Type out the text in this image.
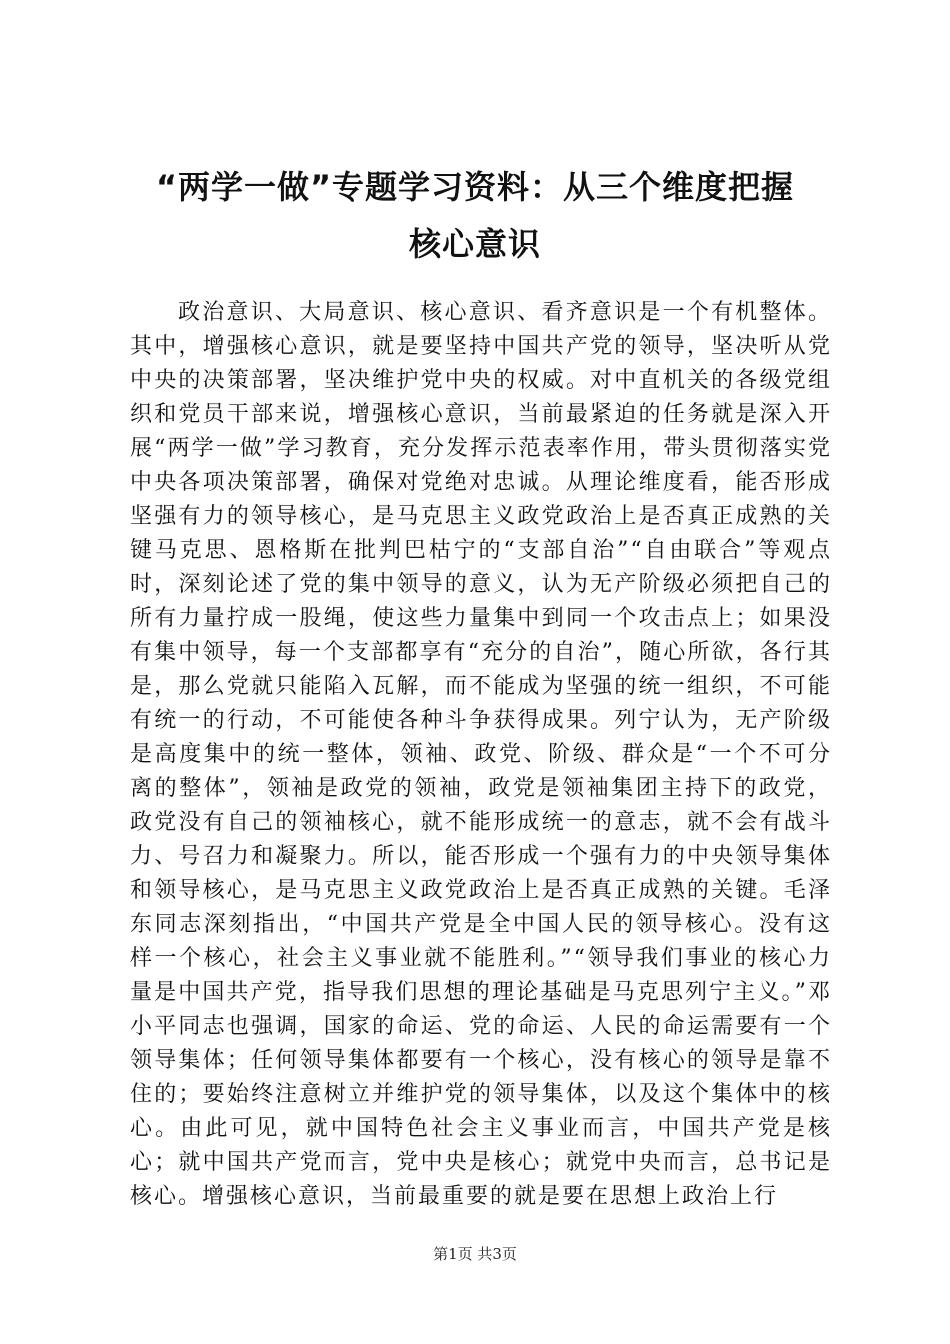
“两学一做”专题学习资料：从三个维度把握
核心意识

政治意识、大局意识、核心意识、看齐意识是一个有机整体。其中，增强核心意识，就是要坚持中国共产党的领导，坚决听从党中央的决策部署，坚决维护党中央的权威。对中直机关的各级党组织和党员干部来说，增强核心意识，当前最紧迫的任务就是深入开展“两学一做”学习教育，充分发挥示范表率作用，带头贯彻落实党中央各项决策部署，确保对党绝对忠诚。从理论维度看，能否形成坚强有力的领导核心，是马克思主义政党政治上是否真正成熟的关键马克思、恩格斯在批判巴枯宁的“支部自治”“自由联合”等观点时，深刻论述了党的集中领导的意义，认为无产阶级必须把自己的所有力量拧成一股绳，使这些力量集中到同一个攻击点上；如果没有集中领导，每一个支部都享有“充分的自治”，随心所欲，各行其是，那么党就只能陷入瓦解，而不能成为坚强的统一组织，不可能有统一的行动，不可能使各种斗争获得成果。列宁认为，无产阶级是高度集中的统一整体，领袖、政党、阶级、群众是“一个不可分离的整体”，领袖是政党的领袖，政党是领袖集团主持下的政党，政党没有自己的领袖核心，就不能形成统一的意志，就不会有战斗力、号召力和凝聚力。所以，能否形成一个强有力的中央领导集体和领导核心，是马克思主义政党政治上是否真正成熟的关键。毛泽东同志深刻指出，“中国共产党是全中国人民的领导核心。没有这样一个核心，社会主义事业就不能胜利。”“领导我们事业的核心力量是中国共产党，指导我们思想的理论基础是马克思列宁主义。”邓小平同志也强调，国家的命运、党的命运、人民的命运需要有一个领导集体；任何领导集体都要有一个核心，没有核心的领导是靠不住的；要始终注意树立并维护党的领导集体，以及这个集体中的核心。由此可见，就中国特色社会主义事业而言，中国共产党是核心；就中国共产党而言，党中央是核心；就党中央而言，总书记是核心。增强核心意识，当前最重要的就是要在思想上政治上行

第1页 共3页
